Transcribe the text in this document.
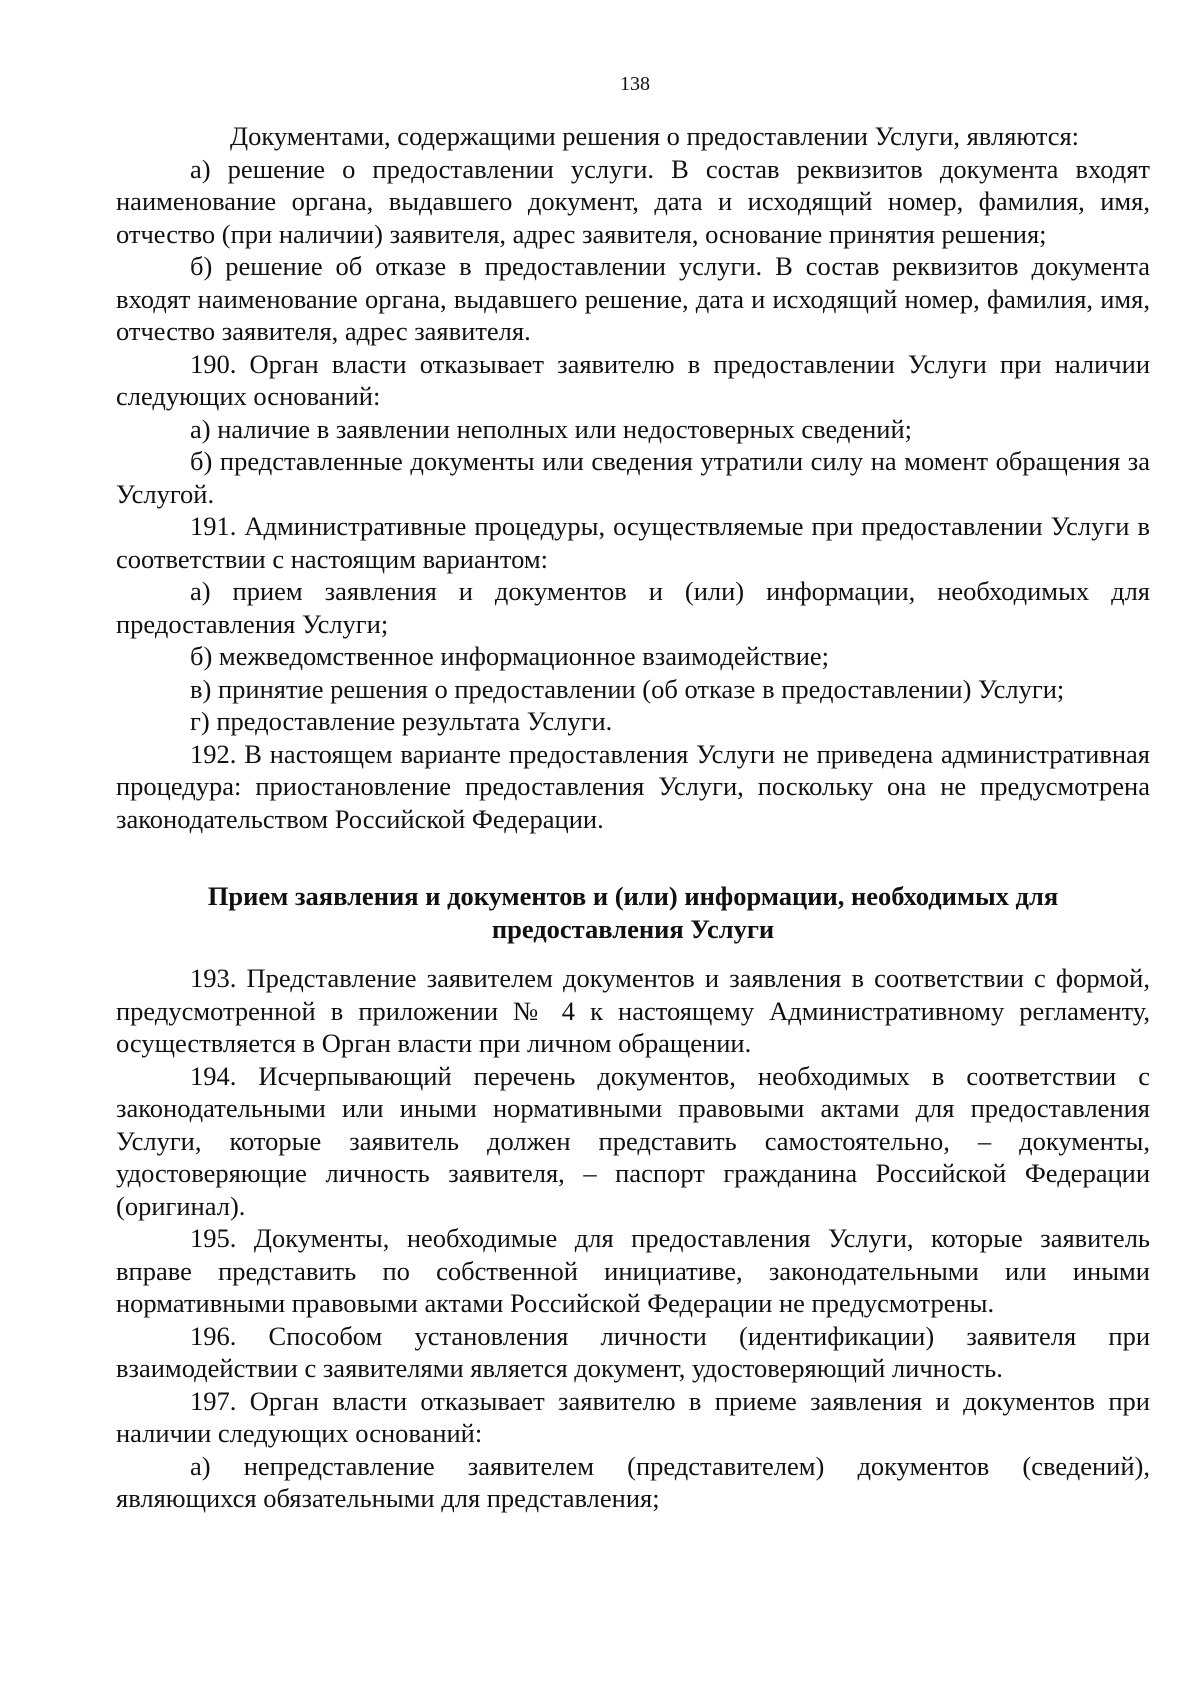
138

Документами, содержащими решения о предоставлении Услуги, являются:

а) решение о предоставлении услуги. В состав реквизитов документа входят наименование органа, выдавшего документ, дата и исходящий номер, фамилия, имя, отчество (при наличии) заявителя, адрес заявителя, основание принятия решения;

б) решение об отказе в предоставлении услуги. В состав реквизитов документа входят наименование органа, выдавшего решение, дата и исходящий номер, фамилия, имя, отчество заявителя, адрес заявителя.

190. Орган власти отказывает заявителю в предоставлении Услуги при наличии следующих оснований:

а) наличие в заявлении неполных или недостоверных сведений;

б) представленные документы или сведения утратили силу на момент обращения за Услугой.

191. Административные процедуры, осуществляемые при предоставлении Услуги в соответствии с настоящим вариантом:

а) прием заявления и документов и (или) информации, необходимых для предоставления Услуги;

б) межведомственное информационное взаимодействие;

в) принятие решения о предоставлении (об отказе в предоставлении) Услуги;

г) предоставление результата Услуги.

192. В настоящем варианте предоставления Услуги не приведена административная процедура: приостановление предоставления Услуги, поскольку она не предусмотрена законодательством Российской Федерации.

Прием заявления и документов и (или) информации, необходимых для предоставления Услуги

193. Представление заявителем документов и заявления в соответствии с формой, предусмотренной в приложении № 4 к настоящему Административному регламенту, осуществляется в Орган власти при личном обращении.

194. Исчерпывающий перечень документов, необходимых в соответствии с законодательными или иными нормативными правовыми актами для предоставления Услуги, которые заявитель должен представить самостоятельно, – документы, удостоверяющие личность заявителя, – паспорт гражданина Российской Федерации (оригинал).

195. Документы, необходимые для предоставления Услуги, которые заявитель вправе представить по собственной инициативе, законодательными или иными нормативными правовыми актами Российской Федерации не предусмотрены.

196. Способом установления личности (идентификации) заявителя при взаимодействии с заявителями является документ, удостоверяющий личность.

197. Орган власти отказывает заявителю в приеме заявления и документов при наличии следующих оснований:

а) непредставление заявителем (представителем) документов (сведений), являющихся обязательными для представления;
